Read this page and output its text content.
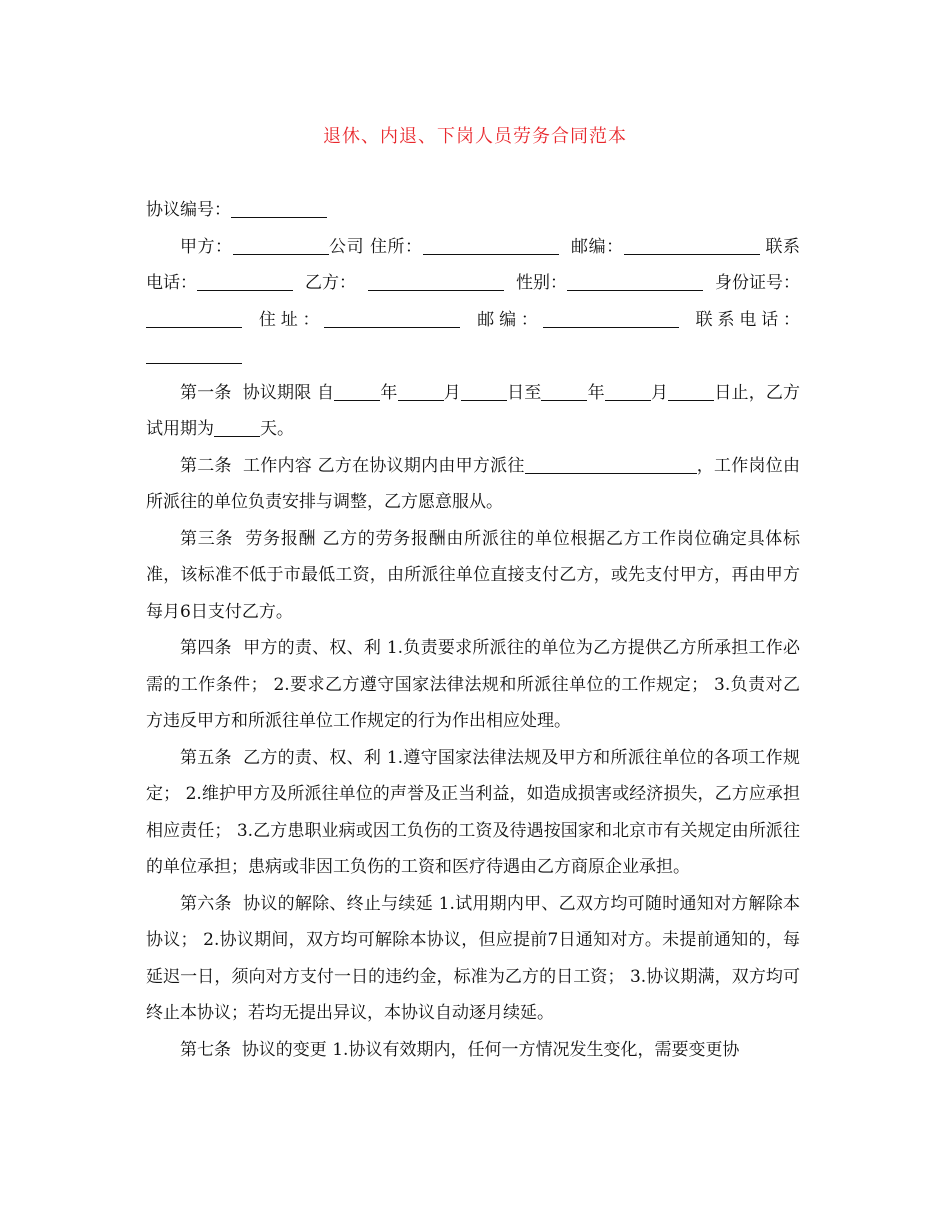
退休、内退、下岗人员劳务合同范本

协议编号：

甲方：	公司 住所：	邮编：	联系电话：	乙方：	性别：	身份证号：住址：	邮编：	联系电话：

第一条 协议期限 自	年	月	日至	年	月	日止，乙方试用期为	天。

第二条 工作内容 乙方在协议期内由甲方派往	，工作岗位由所派往的单位负责安排与调整，乙方愿意服从。

第三条 劳务报酬 乙方的劳务报酬由所派往的单位根据乙方工作岗位确定具体标准，该标准不低于市最低工资，由所派往单位直接支付乙方，或先支付甲方，再由甲方每月6日支付乙方。

第四条 甲方的责、权、利 1.负责要求所派往的单位为乙方提供乙方所承担工作必需的工作条件； 2.要求乙方遵守国家法律法规和所派往单位的工作规定； 3.负责对乙方违反甲方和所派往单位工作规定的行为作出相应处理。

第五条 乙方的责、权、利 1.遵守国家法律法规及甲方和所派往单位的各项工作规定； 2.维护甲方及所派往单位的声誉及正当利益，如造成损害或经济损失，乙方应承担相应责任； 3.乙方患职业病或因工负伤的工资及待遇按国家和北京市有关规定由所派往的单位承担；患病或非因工负伤的工资和医疗待遇由乙方商原企业承担。

第六条 协议的解除、终止与续延 1.试用期内甲、乙双方均可随时通知对方解除本协议； 2.协议期间，双方均可解除本协议，但应提前7日通知对方。未提前通知的，每延迟一日，须向对方支付一日的违约金，标准为乙方的日工资； 3.协议期满，双方均可终止本协议；若均无提出异议，本协议自动逐月续延。

第七条 协议的变更 1.协议有效期内，任何一方情况发生变化，需要变更协
